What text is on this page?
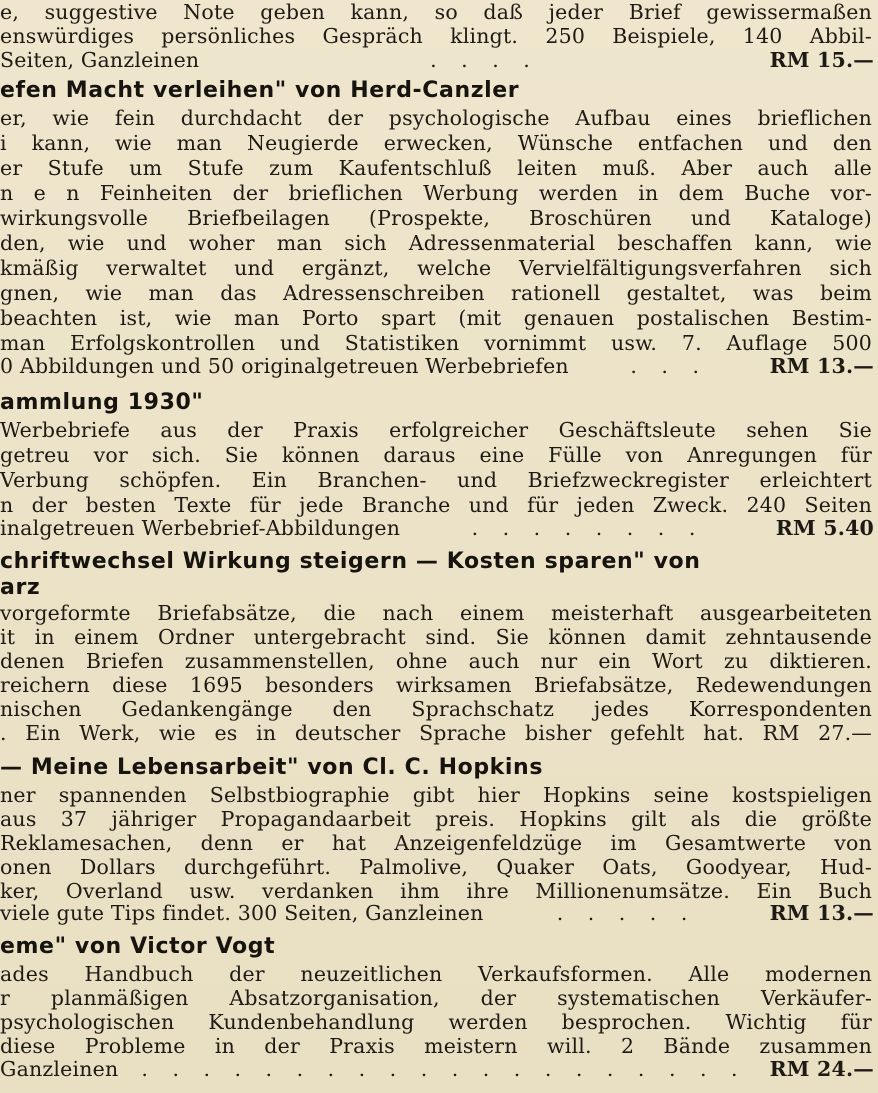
e, suggestive Note geben kann, so daß jeder Brief gewissermaßen
enswürdiges persönliches Gespräch klingt. 250 Beispiele, 140 Abbil-
Seiten, Ganzleinen	. . . .	RM 15.—
efen Macht verleihen" von Herd-Canzler
er, wie fein durchdacht der psychologische Aufbau eines brieflichen
i kann, wie man Neugierde erwecken, Wünsche entfachen und den
er Stufe um Stufe zum Kaufentschluß leiten muß. Aber auch alle
n e n Feinheiten der brieflichen Werbung werden in dem Buche vor-
wirkungsvolle Briefbeilagen (Prospekte, Broschüren und Kataloge)
den, wie und woher man sich Adressenmaterial beschaffen kann, wie
kmäßig verwaltet und ergänzt, welche Vervielfältigungsverfahren sich
gnen, wie man das Adressenschreiben rationell gestaltet, was beim
beachten ist, wie man Porto spart (mit genauen postalischen Bestim-
man Erfolgskontrollen und Statistiken vornimmt usw. 7. Auflage 500
0 Abbildungen und 50 originalgetreuen Werbebriefen	. . .	RM 13.—
ammlung 1930"
Werbebriefe aus der Praxis erfolgreicher Geschäftsleute sehen Sie
getreu vor sich. Sie können daraus eine Fülle von Anregungen für
Verbung schöpfen. Ein Branchen- und Briefzweckregister erleichtert
n der besten Texte für jede Branche und für jeden Zweck. 240 Seiten
inalgetreuen Werbebrief-Abbildungen	. . . . . . . .	RM 5.40
chriftwechsel Wirkung steigern — Kosten sparen" von
arz
vorgeformte Briefabsätze, die nach einem meisterhaft ausgearbeiteten
it in einem Ordner untergebracht sind. Sie können damit zehntausende
denen Briefen zusammenstellen, ohne auch nur ein Wort zu diktieren.
reichern diese 1695 besonders wirksamen Briefabsätze, Redewendungen
nischen Gedankengänge den Sprachschatz jedes Korrespondenten
. Ein Werk, wie es in deutscher Sprache bisher gefehlt hat. RM 27.—
— Meine Lebensarbeit" von Cl. C. Hopkins
ner spannenden Selbstbiographie gibt hier Hopkins seine kostspieligen
aus 37 jähriger Propagandaarbeit preis. Hopkins gilt als die größte
Reklamesachen, denn er hat Anzeigenfeldzüge im Gesamtwerte von
onen Dollars durchgeführt. Palmolive, Quaker Oats, Goodyear, Hud-
ker, Overland usw. verdanken ihm ihre Millionenumsätze. Ein Buch
viele gute Tips findet. 300 Seiten, Ganzleinen	. . . . .	RM 13.—
eme" von Victor Vogt
ades Handbuch der neuzeitlichen Verkaufsformen. Alle modernen
r planmäßigen Absatzorganisation, der systematischen Verkäufer-
psychologischen Kundenbehandlung werden besprochen. Wichtig für
diese Probleme in der Praxis meistern will. 2 Bände zusammen
Ganzleinen	. . . . . . . . . . . . . . . . . . . .	RM 24.—
